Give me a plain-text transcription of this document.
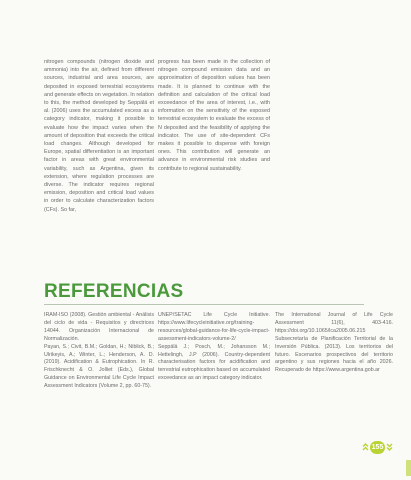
nitrogen compounds (nitrogen dioxide and ammonia) into the air, defined from different sources, industrial and area sources, are deposited in exposed terrestrial ecosystems and generate effects on vegetation. In relation to this, the method developed by Seppälä et al. (2006) uses the accumulated excess as a category indicator, making it possible to evaluate how the impact varies when the amount of deposition that exceeds the critical load changes. Although developed for Europe, spatial differentiation is an important factor in areas with great environmental variability, such as Argentina, given its extension, where regulation processes are diverse. The indicator requires regional emission, deposition and critical load values in order to calculate characterization factors (CFs). So far,

progress has been made in the collection of nitrogen compound emission data and an approximation of deposition values has been made. It is planned to continue with the definition and calculation of the critical load exceedance of the area of interest, i.e., with information on the sensitivity of the exposed terrestrial ecosystem to evaluate the excess of N deposited and the feasibility of applying the indicator. The use of site-dependent CFs makes it possible to dispense with foreign ones. This contribution will generate an advance in environmental risk studies and contribute to regional sustainability.

REFERENCIAS

IRAM-ISO (2008). Gestión ambiental - Análisis del ciclo de vida - Requisitos y directrices 14044. Organización Internacional de Normalización.

Payan, S.; Civit, B.M.; Goldan, H.; Niblick, B.; Ulrikeyis, A.; Winter, L.; Henderson, A. D. (2019). Acidification & Eutrophication. In R. Frischknecht & O. Jolliet (Eds.), Global Guidance on Environmental Life Cycle Impact Assessment Indicators (Volume 2, pp. 60-75).

UNEP/SETAC Life Cycle Initiative. https://www.lifecycleinitiative.org/training-resources/global-guidance-for-life-cycle-impact-assessment-indicators-volume-2/

Seppälä J.; Posch, M.; Johansson M.; Hettelingh, J.P (2006). Country-dependent characterisation factors for acidification and terrestrial eutrophication based on accumulated exceedance as an impact category indicator.

The International Journal of Life Cycle Assessment 11(6), 403-416. https://doi.org/10.1065/lca2005.06.215

Subsecretaría de Planificación Territorial de la Inversión Pública. (2013). Los territorios del futuro. Escenarios prospectivos del territorio argentino y sus regiones hacia el año 2026. Recuperado de https://www.argentina.gob.ar

155
